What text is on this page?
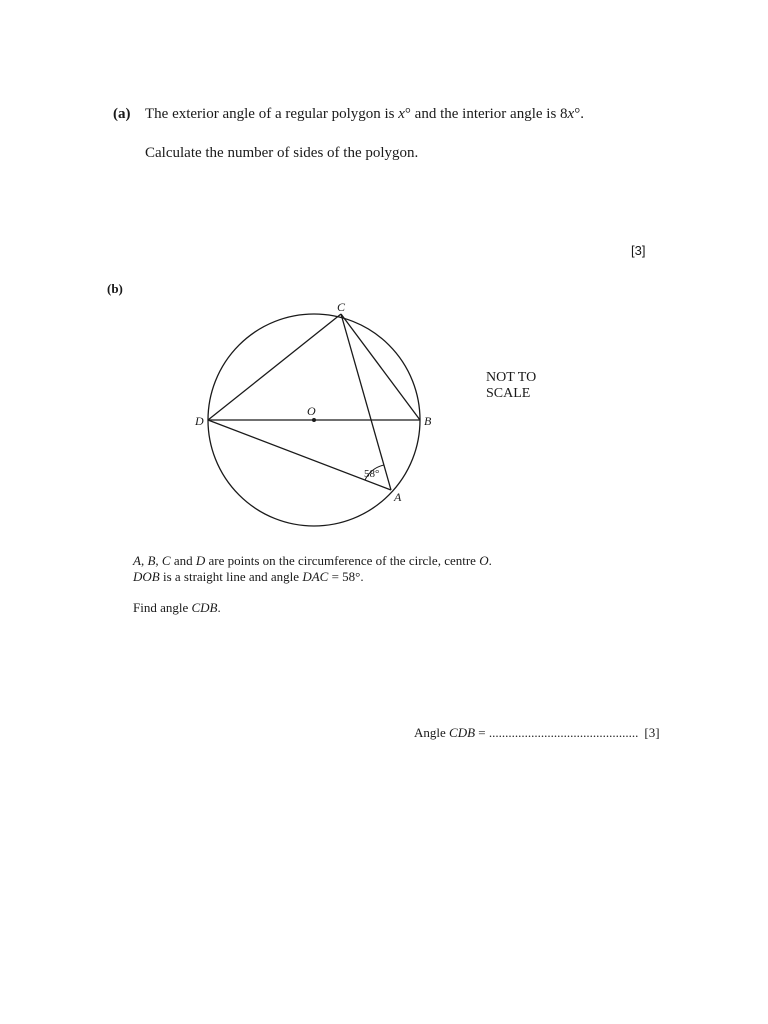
(a) The exterior angle of a regular polygon is x° and the interior angle is 8x°.
Calculate the number of sides of the polygon.
[3]
(b)
C
D	B
O
A
58°
NOT TO
SCALE
A, B, C and D are points on the circumference of the circle, centre O.
DOB is a straight line and angle DAC = 58°.
Find angle CDB.
Angle CDB = .............................................. [3]
